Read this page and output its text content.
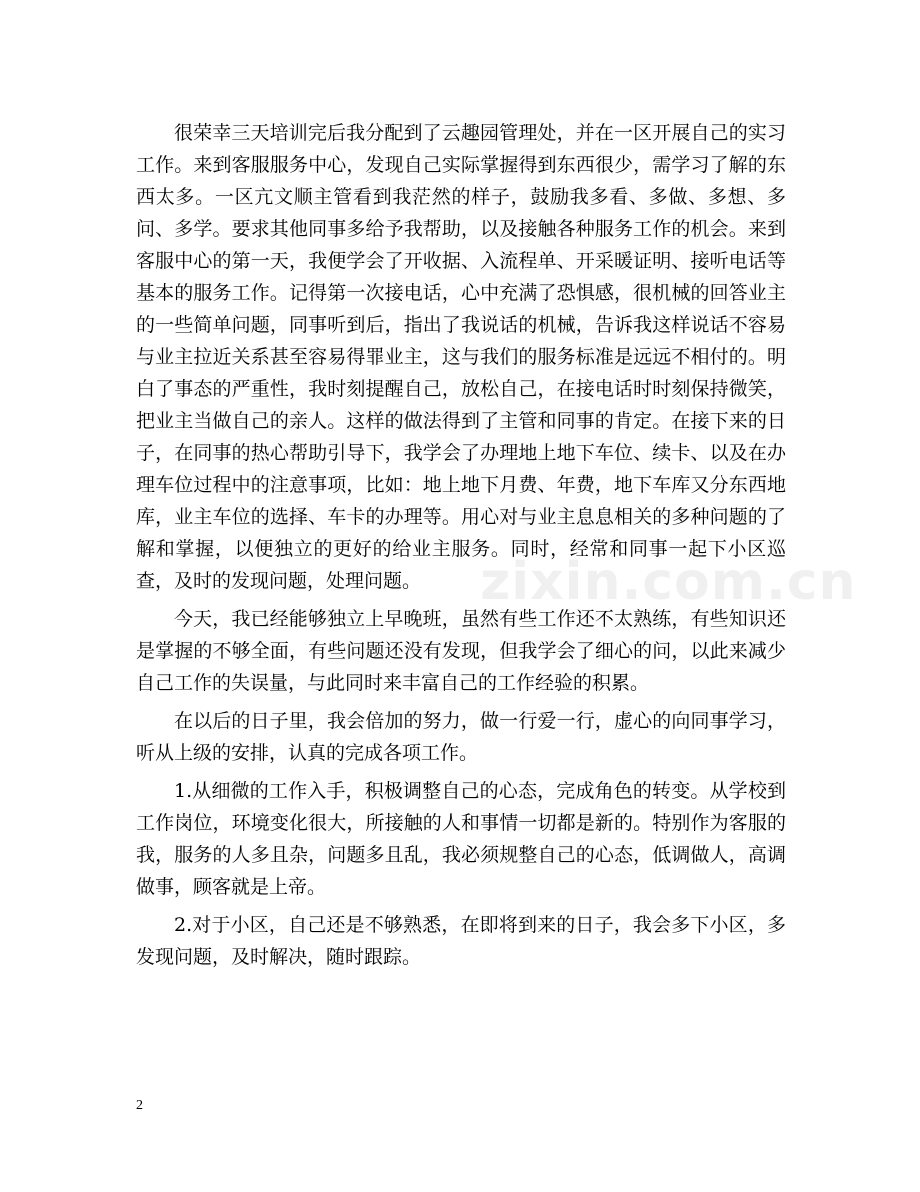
很荣幸三天培训完后我分配到了云趣园管理处，并在一区开展自己的实习工作。来到客服服务中心，发现自己实际掌握得到东西很少，需学习了解的东西太多。一区亢文顺主管看到我茫然的样子，鼓励我多看、多做、多想、多问、多学。要求其他同事多给予我帮助，以及接触各种服务工作的机会。来到客服中心的第一天，我便学会了开收据、入流程单、开采暖证明、接听电话等基本的服务工作。记得第一次接电话，心中充满了恐惧感，很机械的回答业主的一些简单问题，同事听到后，指出了我说话的机械，告诉我这样说话不容易与业主拉近关系甚至容易得罪业主，这与我们的服务标准是远远不相付的。明白了事态的严重性，我时刻提醒自己，放松自己，在接电话时时刻保持微笑，把业主当做自己的亲人。这样的做法得到了主管和同事的肯定。在接下来的日子，在同事的热心帮助引导下，我学会了办理地上地下车位、续卡、以及在办理车位过程中的注意事项，比如：地上地下月费、年费，地下车库又分东西地库，业主车位的选择、车卡的办理等。用心对与业主息息相关的多种问题的了解和掌握，以便独立的更好的给业主服务。同时，经常和同事一起下小区巡查，及时的发现问题，处理问题。

今天，我已经能够独立上早晚班，虽然有些工作还不太熟练，有些知识还是掌握的不够全面，有些问题还没有发现，但我学会了细心的问，以此来减少自己工作的失误量，与此同时来丰富自己的工作经验的积累。

在以后的日子里，我会倍加的努力，做一行爱一行，虚心的向同事学习，听从上级的安排，认真的完成各项工作。

1.从细微的工作入手，积极调整自己的心态，完成角色的转变。从学校到工作岗位，环境变化很大，所接触的人和事情一切都是新的。特别作为客服的我，服务的人多且杂，问题多且乱，我必须规整自己的心态，低调做人，高调做事，顾客就是上帝。

2.对于小区，自己还是不够熟悉，在即将到来的日子，我会多下小区，多发现问题，及时解决，随时跟踪。

zixin.com.cn
2
